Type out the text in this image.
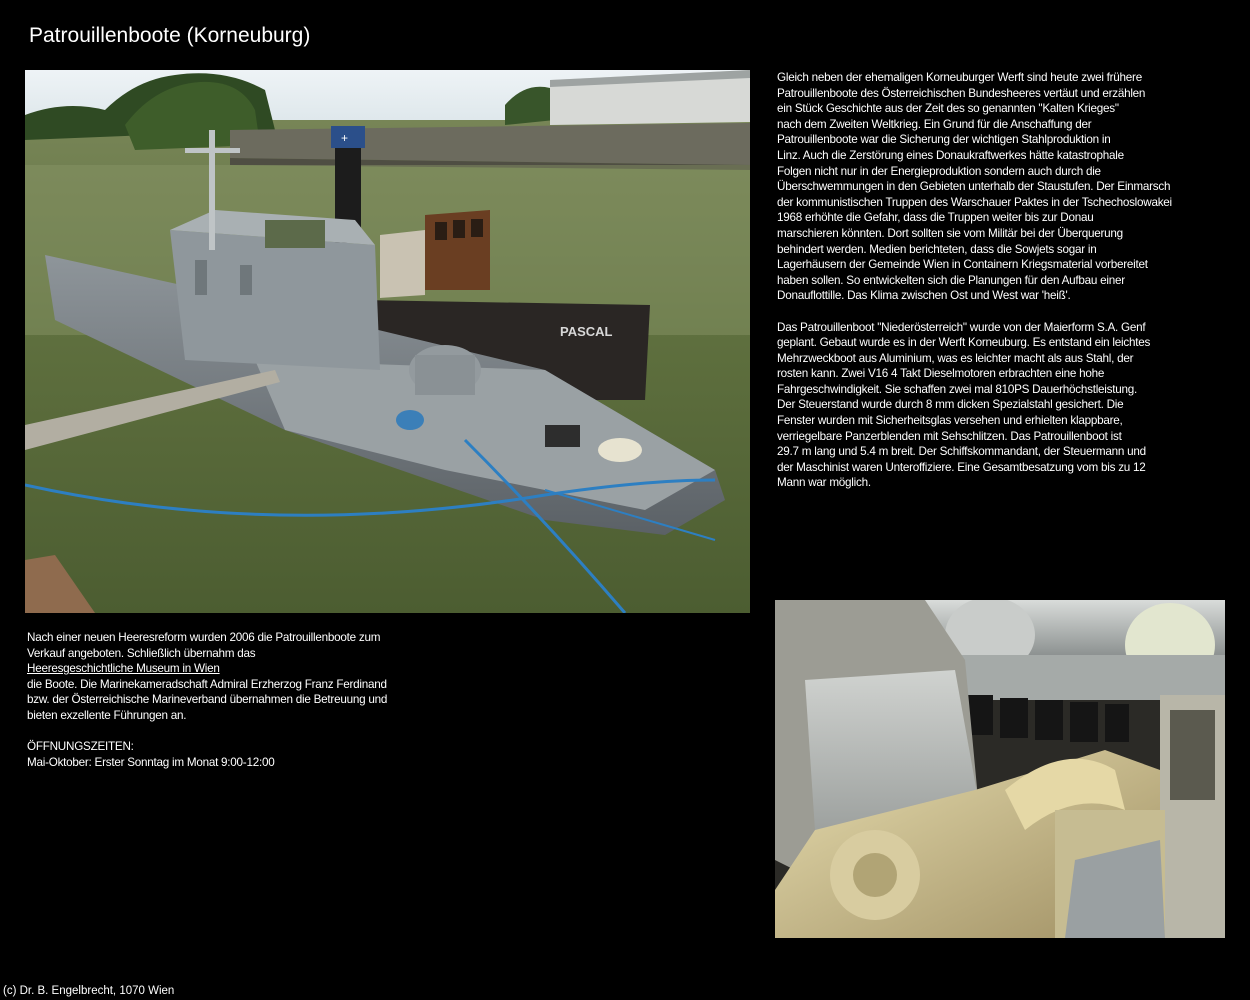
Patrouillenboote (Korneuburg)
PASCAL
+
Gleich neben der ehemaligen Korneuburger Werft sind heute zwei frühere
Patrouillenboote des Österreichischen Bundesheeres vertäut und erzählen
ein Stück Geschichte aus der Zeit des so genannten "Kalten Krieges"
nach dem Zweiten Weltkrieg. Ein Grund für die Anschaffung der
Patrouillenboote war die Sicherung der wichtigen Stahlproduktion in
Linz. Auch die Zerstörung eines Donaukraftwerkes hätte katastrophale
Folgen nicht nur in der Energieproduktion sondern auch durch die
Überschwemmungen in den Gebieten unterhalb der Staustufen. Der Einmarsch
der kommunistischen Truppen des Warschauer Paktes in der Tschechoslowakei
1968 erhöhte die Gefahr, dass die Truppen weiter bis zur Donau
marschieren könnten. Dort sollten sie vom Militär bei der Überquerung
behindert werden. Medien berichteten, dass die Sowjets sogar in
Lagerhäusern der Gemeinde Wien in Containern Kriegsmaterial vorbereitet
haben sollen. So entwickelten sich die Planungen für den Aufbau einer
Donauflottille. Das Klima zwischen Ost und West war 'heiß'.
Das Patrouillenboot "Niederösterreich" wurde von der Maierform S.A. Genf
geplant. Gebaut wurde es in der Werft Korneuburg. Es entstand ein leichtes
Mehrzweckboot aus Aluminium, was es leichter macht als aus Stahl, der
rosten kann. Zwei V16 4 Takt Dieselmotoren erbrachten eine hohe
Fahrgeschwindigkeit. Sie schaffen zwei mal 810PS Dauerhöchstleistung.
Der Steuerstand wurde durch 8 mm dicken Spezialstahl gesichert. Die
Fenster wurden mit Sicherheitsglas versehen und erhielten klappbare,
verriegelbare Panzerblenden mit Sehschlitzen. Das Patrouillenboot ist
29.7 m lang und 5.4 m breit. Der Schiffskommandant, der Steuermann und
der Maschinist waren Unteroffiziere. Eine Gesamtbesatzung vom bis zu 12
Mann war möglich.
Nach einer neuen Heeresreform wurden 2006 die Patrouillenboote zum
Verkauf angeboten. Schließlich übernahm das
Heeresgeschichtliche Museum in Wien
die Boote. Die Marinekameradschaft Admiral Erzherzog Franz Ferdinand
bzw. der Österreichische Marineverband übernahmen die Betreuung und
bieten exzellente Führungen an.
ÖFFNUNGSZEITEN:
Mai-Oktober: Erster Sonntag im Monat 9:00-12:00
(c) Dr. B. Engelbrecht, 1070 Wien
